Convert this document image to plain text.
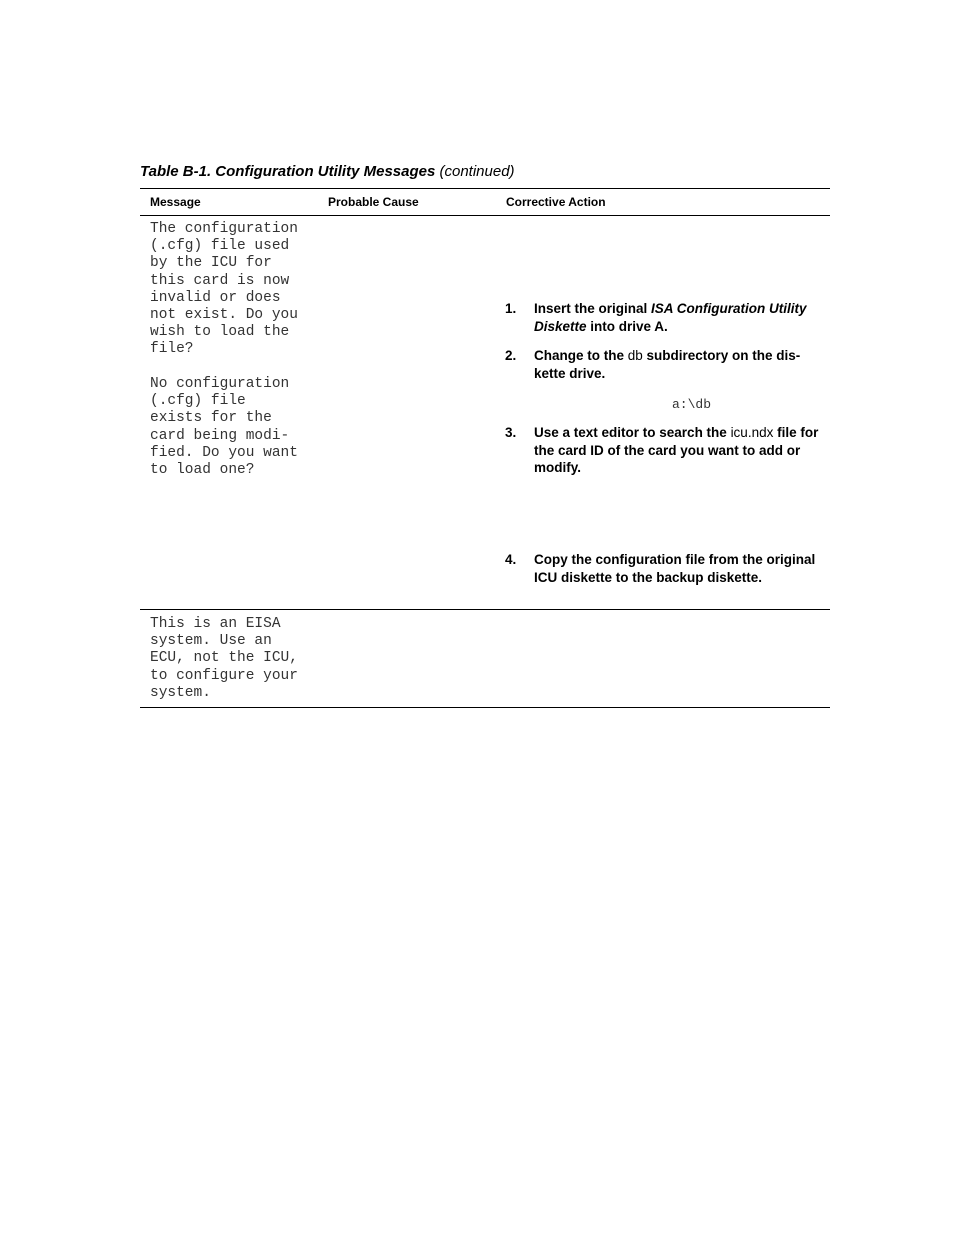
Table B-1. Configuration Utility Messages (continued)
Message	Probable Cause	Corrective Action
The configuration
(.cfg) file used
by the ICU for
this card is now
invalid or does
not exist. Do you
wish to load the
file?
No configuration
(.cfg) file
exists for the
card being modi-
fied. Do you want
to load one?
1. Insert the original ISA Configuration Utility Diskette into drive A.
2. Change to the db subdirectory on the dis-kette drive.
a:\db
3. Use a text editor to search the icu.ndx file for the card ID of the card you want to add or modify.
4. Copy the configuration file from the original ICU diskette to the backup diskette.
This is an EISA
system. Use an
ECU, not the ICU,
to configure your
system.
